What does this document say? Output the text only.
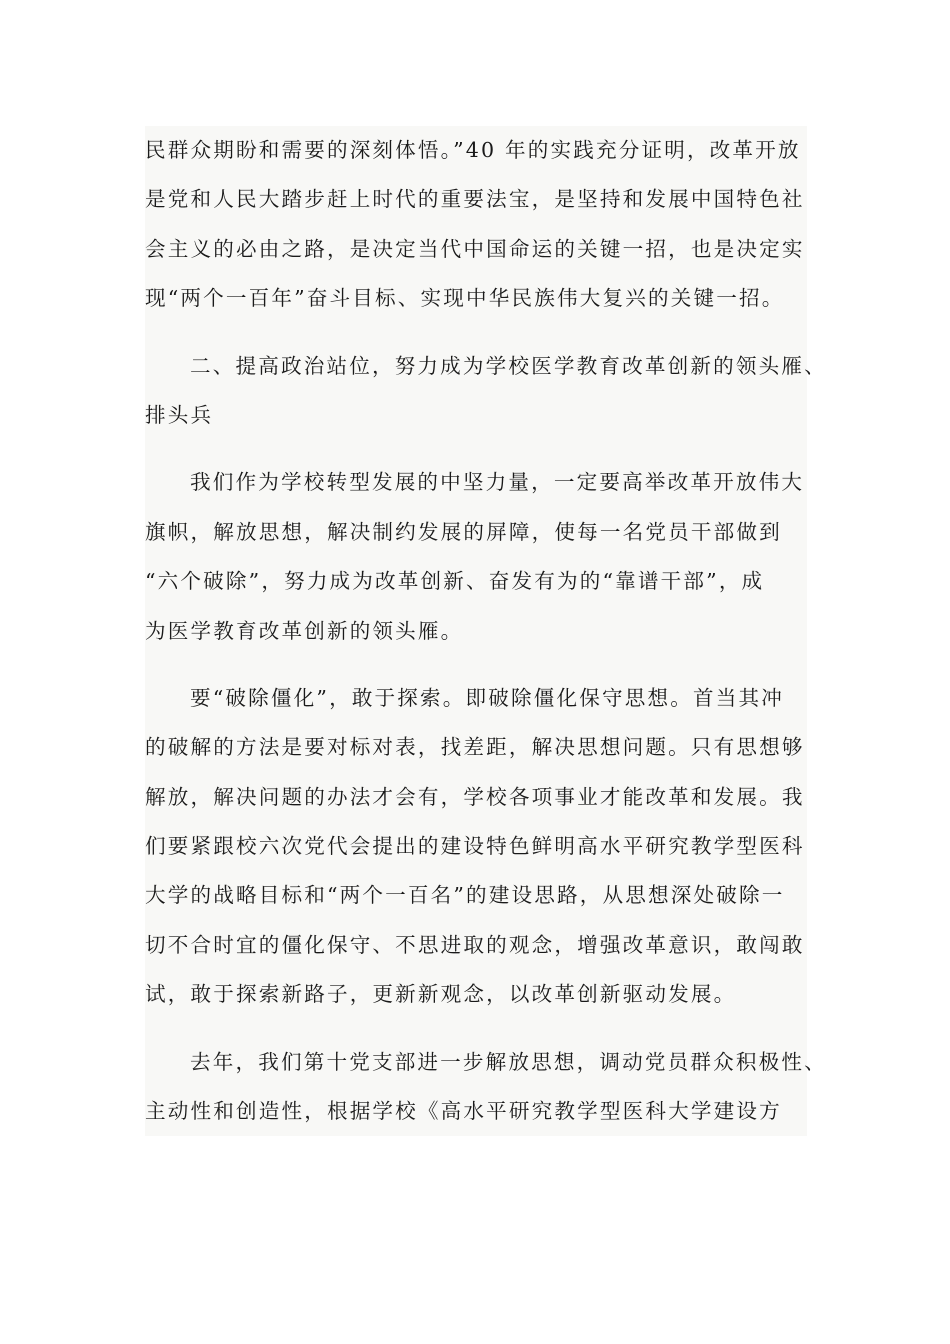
民群众期盼和需要的深刻体悟。”40 年的实践充分证明，改革开放
是党和人民大踏步赶上时代的重要法宝，是坚持和发展中国特色社
会主义的必由之路，是决定当代中国命运的关键一招，也是决定实
现“两个一百年”奋斗目标、实现中华民族伟大复兴的关键一招。
二、提高政治站位，努力成为学校医学教育改革创新的领头雁、
排头兵
我们作为学校转型发展的中坚力量，一定要高举改革开放伟大
旗帜，解放思想，解决制约发展的屏障，使每一名党员干部做到
“六个破除”，努力成为改革创新、奋发有为的“靠谱干部”，成
为医学教育改革创新的领头雁。
要“破除僵化”，敢于探索。即破除僵化保守思想。首当其冲
的破解的方法是要对标对表，找差距，解决思想问题。只有思想够
解放，解决问题的办法才会有，学校各项事业才能改革和发展。我
们要紧跟校六次党代会提出的建设特色鲜明高水平研究教学型医科
大学的战略目标和“两个一百名”的建设思路，从思想深处破除一
切不合时宜的僵化保守、不思进取的观念，增强改革意识，敢闯敢
试，敢于探索新路子，更新新观念，以改革创新驱动发展。
去年，我们第十党支部进一步解放思想，调动党员群众积极性、
主动性和创造性，根据学校《高水平研究教学型医科大学建设方
